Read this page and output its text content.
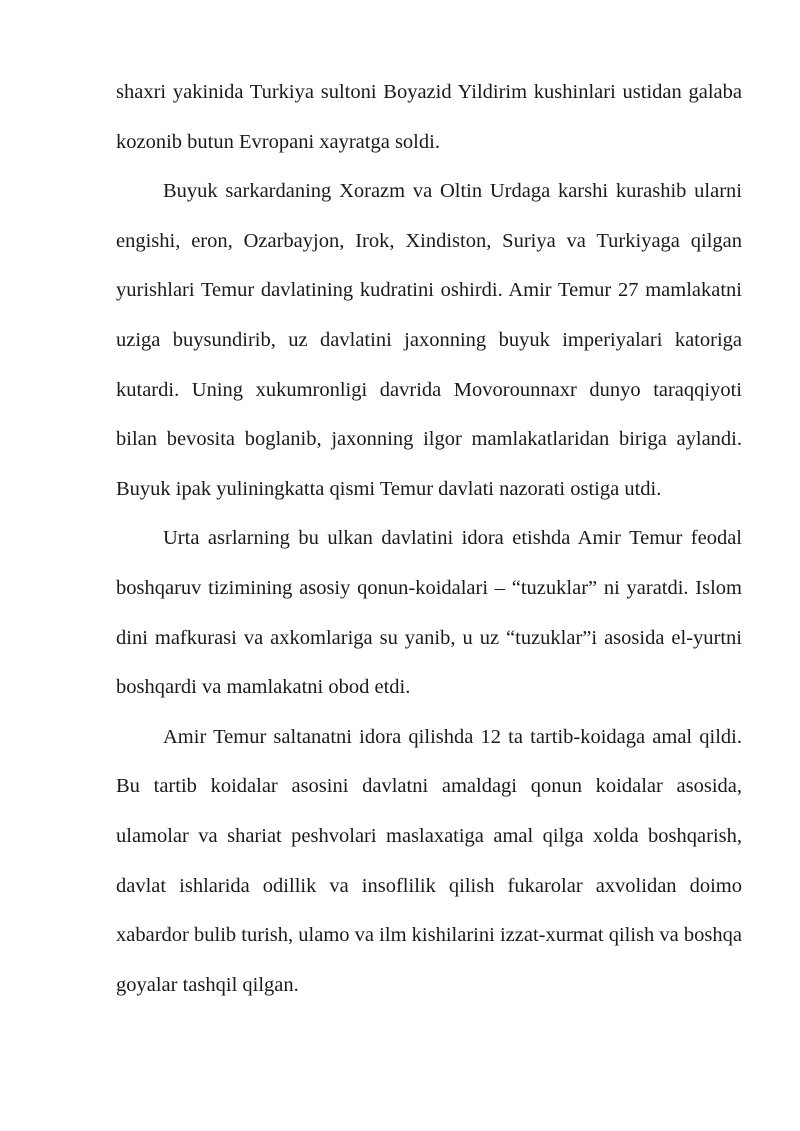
shaxri yakinida Turkiya sultoni Boyazid Yildirim kushinlari ustidan galaba kozonib butun Evropani xayratga soldi.

Buyuk sarkardaning Xorazm va Oltin Urdaga karshi kurashib ularni engishi, eron, Ozarbayjon, Irok, Xindiston, Suriya va Turkiyaga qilgan yurishlari Temur davlatining kudratini oshirdi. Amir Temur 27 mamlakatni uziga buysundirib, uz davlatini jaxonning buyuk imperiyalari katoriga kutardi. Uning xukumronligi davrida Movorounnaxr dunyo taraqqiyoti bilan bevosita boglanib, jaxonning ilgor mamlakatlaridan biriga aylandi. Buyuk ipak yuliningkatta qismi Temur davlati nazorati ostiga utdi.

Urta asrlarning bu ulkan davlatini idora etishda Amir Temur feodal boshqaruv tizimining asosiy qonun-koidalari – “tuzuklar” ni yaratdi. Islom dini mafkurasi va axkomlariga su yanib, u uz “tuzuklar”i asosida el-yurtni boshqardi va mamlakatni obod etdi.

Amir Temur saltanatni idora qilishda 12 ta tartib-koidaga amal qildi. Bu tartib koidalar asosini davlatni amaldagi qonun koidalar asosida, ulamolar va shariat peshvolari maslaxatiga amal qilga xolda boshqarish, davlat ishlarida odillik va insoflilik qilish fukarolar axvolidan doimo xabardor bulib turish, ulamo va ilm kishilarini izzat-xurmat qilish va boshqa goyalar tashqil qilgan.
